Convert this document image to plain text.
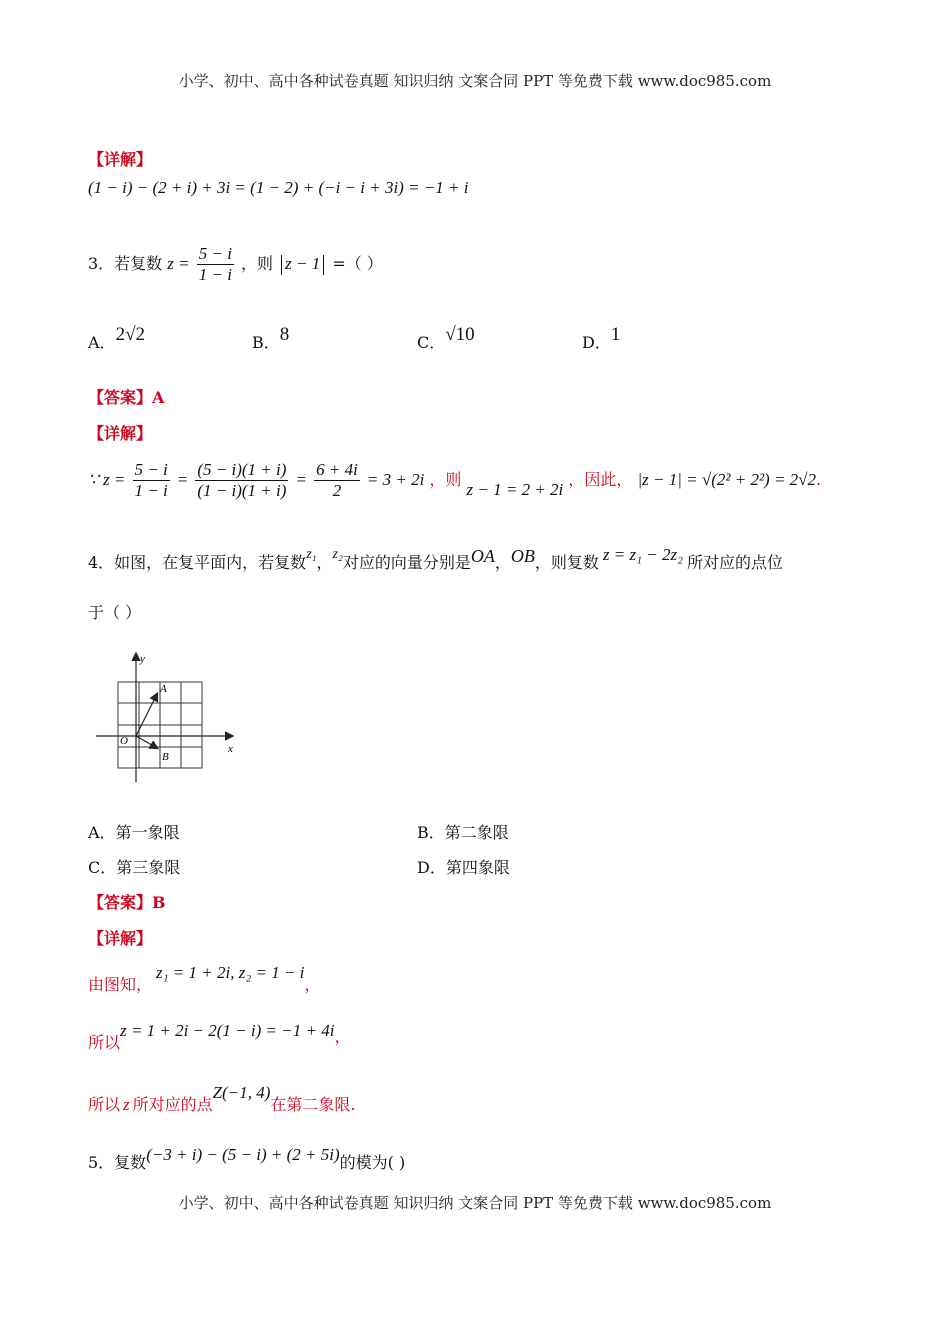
小学、初中、高中各种试卷真题 知识归纳 文案合同 PPT 等免费下载 www.doc985.com
【详解】
(1 − i) − (2 + i) + 3i = (1 − 2) + (−i − i + 3i) = −1 + i
3．若复数 $z = \frac{5 - i}{1 - i}$ ，则 z − 1 =（ ）
A．2√2	B．8	C．√10	D．1
【答案】A
【详解】
∵ $z = \frac{5 - i}{1 - i} = \frac{(5 - i)(1 + i)}{(1 - i)(1 + i)} = \frac{6 + 4i}{2} = 3 + 2i$ ，则 z − 1 = 2 + 2i ，因此， |z − 1| = √(2² + 2²) = 2√2.
4．如图，在复平面内，若复数z₁，z₂对应的向量分别是OA，OB，则复数 z = z₁ − 2z₂ 所对应的点位
于（ ）
y
x
O
A
B
A．第一象限	B．第二象限
C．第三象限	D．第四象限
【答案】B
【详解】
由图知，z₁ = 1 + 2i, z₂ = 1 − i，
所以z = 1 + 2i − 2(1 − i) = −1 + 4i，
所以 z 所对应的点Z(−1, 4)在第二象限.
5．复数(−3 + i) − (5 − i) + (2 + 5i)的模为( )
小学、初中、高中各种试卷真题 知识归纳 文案合同 PPT 等免费下载 www.doc985.com
